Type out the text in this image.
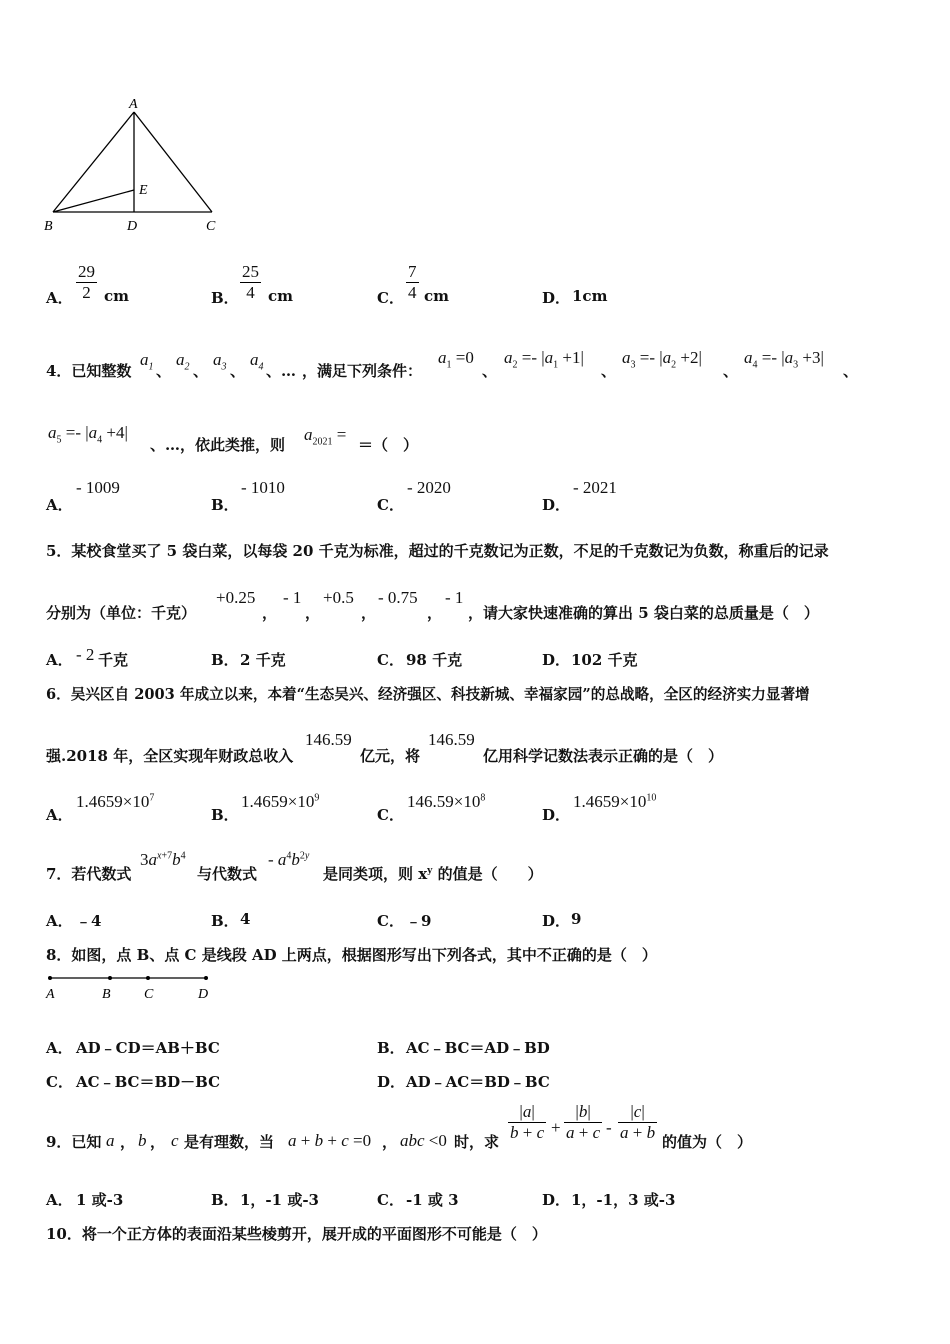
A
B	C
D
E
A． $\frac{29}{2}$ cm	B． $\frac{25}{4}$ cm	C． $\frac{7}{4}$ cm	D． 1cm
4．已知整数
$a_1$ 、
$a_2$ 、
$a_3$ 、
$a_4$ 、… ，满足下列条件：
$a_1 =0$
、
$a_2 =- |a_1 +1|$
、
$a_3 =- |a_2 +2|$
、
$a_4 =- |a_3 +3|$
、
$a_5 =- |a_4 +4|$
、…，依此类推，则
$a_{2021}$ =
＝（　）
A．
- 1009
B．
- 1010
C．
- 2020
D．
- 2021
5．某校食堂买了 5 袋白菜，以每袋 20 千克为标准，超过的千克数记为正数，不足的千克数记为负数，称重后的记录
分别为（单位：千克）
+0.25
，
- 1
，
+0.5
，
- 0.75
，
- 1
，请大家快速准确的算出 5 袋白菜的总质量是（　）
A． - 2 千克	B． 2 千克	C． 98 千克	D． 102 千克
6．吴兴区自 2003 年成立以来，本着“生态吴兴、经济强区、科技新城、幸福家园”的总战略，全区的经济实力显著增
强.2018 年，全区实现年财政总收入
146.59
亿元，将
146.59
亿用科学记数法表示正确的是（　）
A．
$1.4659\times 10^7$
B．
$1.4659\times 10^9$
C．
$146.59\times 10^8$
D．
$1.4659\times 10^{10}$
7．若代数式
$3a^{x+7}b^4$
与代数式
- $a^4b^{2y}$
是同类项，则 $x^y$ 的值是（　　）
A． ﹣4	B． 4	C． ﹣9	D． 9
8．如图，点 B、点 C 是线段 AD 上两点，根据图形写出下列各式，其中不正确的是（　）
A	B C	D
A． AD﹣CD＝AB＋BC	B． AC﹣BC＝AD﹣BD
C． AC﹣BC＝BD－BC	D． AD﹣AC＝BD﹣BC
9．已知 a ， b ， c 是有理数，当 a + b + c =0 ， abc <0 时，求 $\frac{|a|}{b + c} + \frac{|b|}{a + c} - \frac{|c|}{a + b}$ 的值为（　）
A． 1 或-3	B． 1，-1 或-3	C． -1 或 3	D． 1，-1，3 或-3
10．将一个正方体的表面沿某些棱剪开，展开成的平面图形不可能是（　）
